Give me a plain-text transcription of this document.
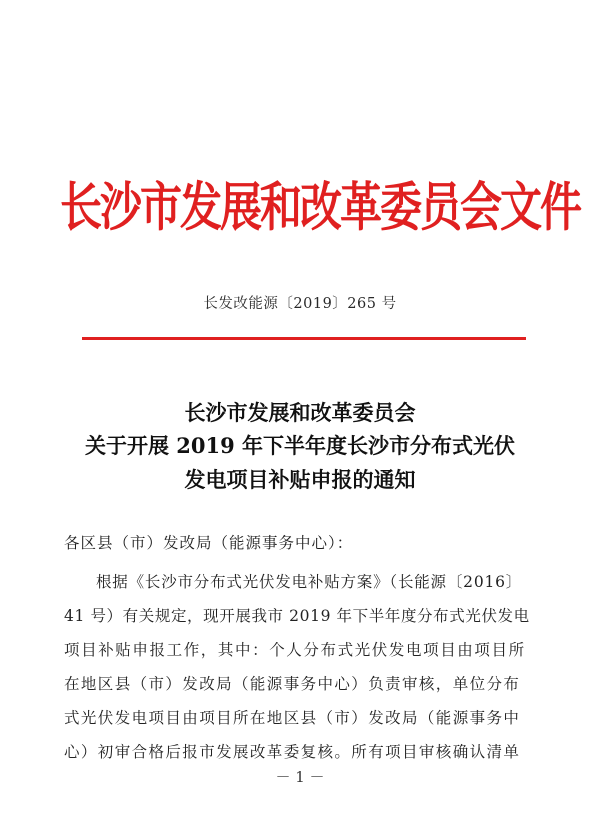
长沙市发展和改革委员会文件
长发改能源〔2019〕265 号
长沙市发展和改革委员会
关于开展 2019 年下半年度长沙市分布式光伏
发电项目补贴申报的通知
各区县（市）发改局（能源事务中心）：
根据《长沙市分布式光伏发电补贴方案》（长能源〔2016〕
41 号）有关规定，现开展我市 2019 年下半年度分布式光伏发电
项目补贴申报工作，其中：个人分布式光伏发电项目由项目所
在地区县（市）发改局（能源事务中心）负责审核，单位分布
式光伏发电项目由项目所在地区县（市）发改局（能源事务中
心）初审合格后报市发展改革委复核。所有项目审核确认清单
－ 1 －
